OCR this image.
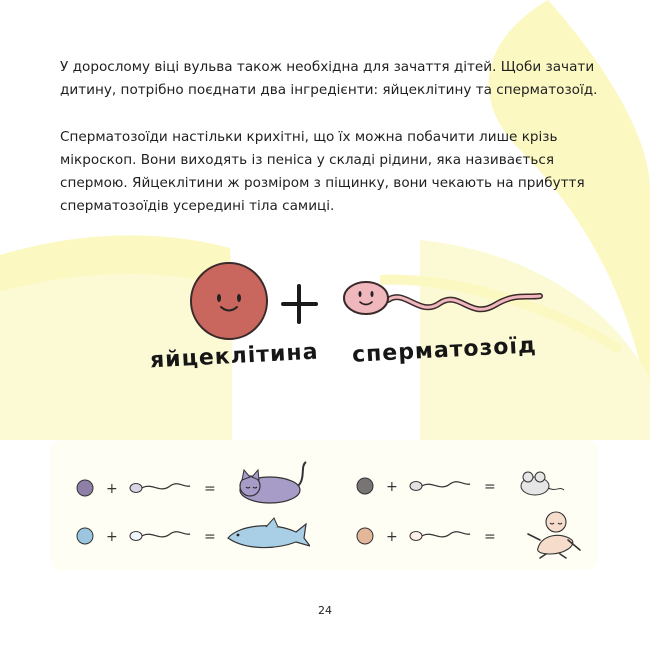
У дорослому віці вульва також необхідна для зачаття дітей. Щоби зачати
дитину, потрібно поєднати два інгредієнти: яйцеклітину та сперматозоїд.

Сперматозоїди настільки крихітні, що їх можна побачити лише крізь
мікроскоп. Вони виходять із пеніса у складі рідини, яка називається
спермою. Яйцеклітини ж розміром з піщинку, вони чекають на прибуття
сперматозоїдів усередині тіла самиці.

яйцеклітина сперматозоїд
+	=	+	=
+	=	+	=
24
